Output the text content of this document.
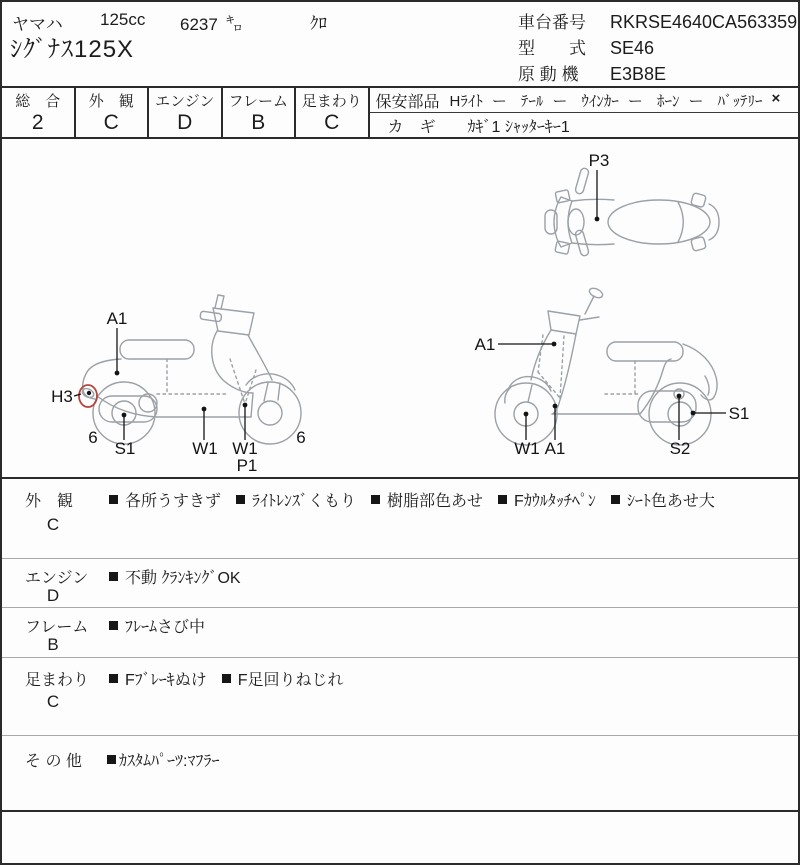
ヤマハ 125cc 6237 ㌔	ｸﾛ
ｼｸﾞﾅｽ125X
車台番号 RKRSE4640CA563359
型　　式 SE46
原 動 機 E3B8E
総　合
2
外　観
C
エンジン
D
フレーム
B
足まわり
C
保安部品 Hﾗｲﾄ ー ﾃｰﾙ ー ｳｲﾝｶｰ ー ﾎｰﾝ ー ﾊﾞｯﾃﾘｰ ×
カ　ギ ｶｷﾞ1 ｼｬｯﾀｰｷｰ1
P3
A1
H3
6
S1	W1 W1
P1
6
A1
W1 A1	S2
S1
外　観
C
各所うすきず ﾗｲﾄﾚﾝｽﾞくもり 樹脂部色あせ Fｶｳﾙﾀｯﾁﾍﾟﾝ ｼｰﾄ色あせ大
エンジン
D
不動 ｸﾗﾝｷﾝｸﾞOK
フレーム
B
ﾌﾚｰﾑさび中
足まわり
C
Fﾌﾞﾚｰｷぬけ F足回りねじれ
そ の 他 ｶｽﾀﾑﾊﾟｰﾂ:ﾏﾌﾗｰ
